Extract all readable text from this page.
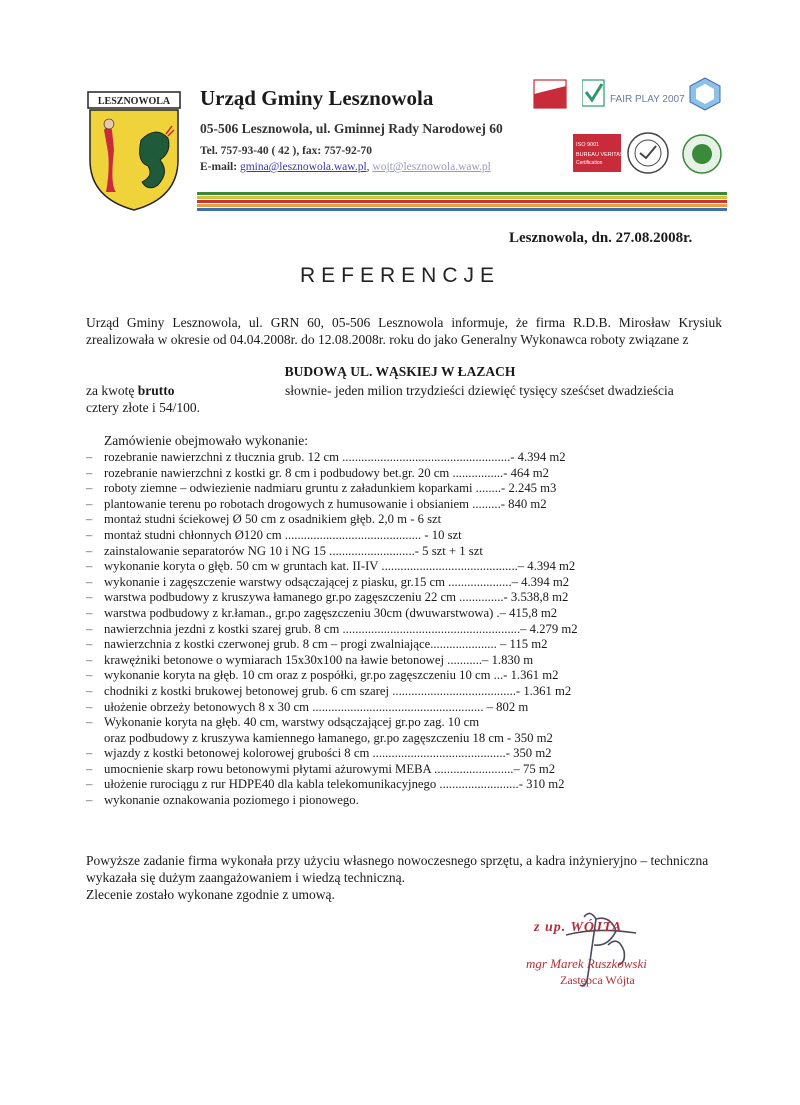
LESZNOWOLA Urząd Gminy Lesznowola
05-506 Lesznowola, ul. Gminnej Rady Narodowej 60
Tel. 757-93-40 ( 42 ), fax: 757-92-70
E-mail: gmina@lesznowola.waw.pl, wojt@lesznowola.waw.pl
FAIR PLAY 2007
ISO 9001
BUREAU VERITAS
Certification
Lesznowola, dn. 27.08.2008r.
REFERENCJE
Urząd Gminy Lesznowola, ul. GRN 60, 05-506 Lesznowola informuje, że firma R.D.B. Mirosław Krysiuk zrealizowała w okresie od 04.04.2008r. do 12.08.2008r. roku do jako Generalny Wykonawca roboty związane z
BUDOWĄ UL. WĄSKIEJ W ŁAZACH
za kwotę brutto	słownie- jeden milion trzydzieści dziewięć tysięcy sześćset dwadzieścia
cztery złote i 54/100.
Zamówienie obejmowało wykonanie:
– rozebranie nawierzchni z tłucznia grub. 12 cm .....................................................- 4.394 m2
– rozebranie nawierzchni z kostki gr. 8 cm i podbudowy bet.gr. 20 cm ................- 464 m2
– roboty ziemne – odwiezienie nadmiaru gruntu z załadunkiem koparkami ........- 2.245 m3
– plantowanie terenu po robotach drogowych z humusowanie i obsianiem .........- 840 m2
– montaż studni ściekowej Ø 50 cm z osadnikiem głęb. 2,0 m - 6 szt
– montaż studni chłonnych Ø120 cm ........................................... - 10 szt
– zainstalowanie separatorów NG 10 i NG 15 ...........................- 5 szt + 1 szt
– wykonanie koryta o głęb. 50 cm w gruntach kat. II-IV ...........................................– 4.394 m2
– wykonanie i zagęszczenie warstwy odsączającej z piasku, gr.15 cm ....................– 4.394 m2
– warstwa podbudowy z kruszywa łamanego gr.po zagęszczeniu 22 cm ..............- 3.538,8 m2
– warstwa podbudowy z kr.łaman., gr.po zagęszczeniu 30cm (dwuwarstwowa) .– 415,8 m2
– nawierzchnia jezdni z kostki szarej grub. 8 cm ........................................................– 4.279 m2
– nawierzchnia z kostki czerwonej grub. 8 cm – progi zwalniające..................... – 115 m2
– krawężniki betonowe o wymiarach 15x30x100 na ławie betonowej ...........– 1.830 m
– wykonanie koryta na głęb. 10 cm oraz z pospółki, gr.po zagęszczeniu 10 cm ...- 1.361 m2
– chodniki z kostki brukowej betonowej grub. 6 cm szarej .......................................- 1.361 m2
– ułożenie obrzeży betonowych 8 x 30 cm ...................................................... – 802 m
– Wykonanie koryta na głęb. 40 cm, warstwy odsączającej gr.po zag. 10 cm
oraz podbudowy z kruszywa kamiennego łamanego, gr.po zagęszczeniu 18 cm - 350 m2
– wjazdy z kostki betonowej kolorowej grubości 8 cm ..........................................- 350 m2
– umocnienie skarp rowu betonowymi płytami ażurowymi MEBA .........................– 75 m2
– ułożenie rurociągu z rur HDPE40 dla kabla telekomunikacyjnego .........................- 310 m2
– wykonanie oznakowania poziomego i pionowego.

Powyższe zadanie firma wykonała przy użyciu własnego nowoczesnego sprzętu, a kadra inżynieryjno – techniczna wykazała się dużym zaangażowaniem i wiedzą techniczną.

Zlecenie zostało wykonane zgodnie z umową.

z up. WÓJTA
mgr Marek Ruszkowski
Zastępca Wójta
